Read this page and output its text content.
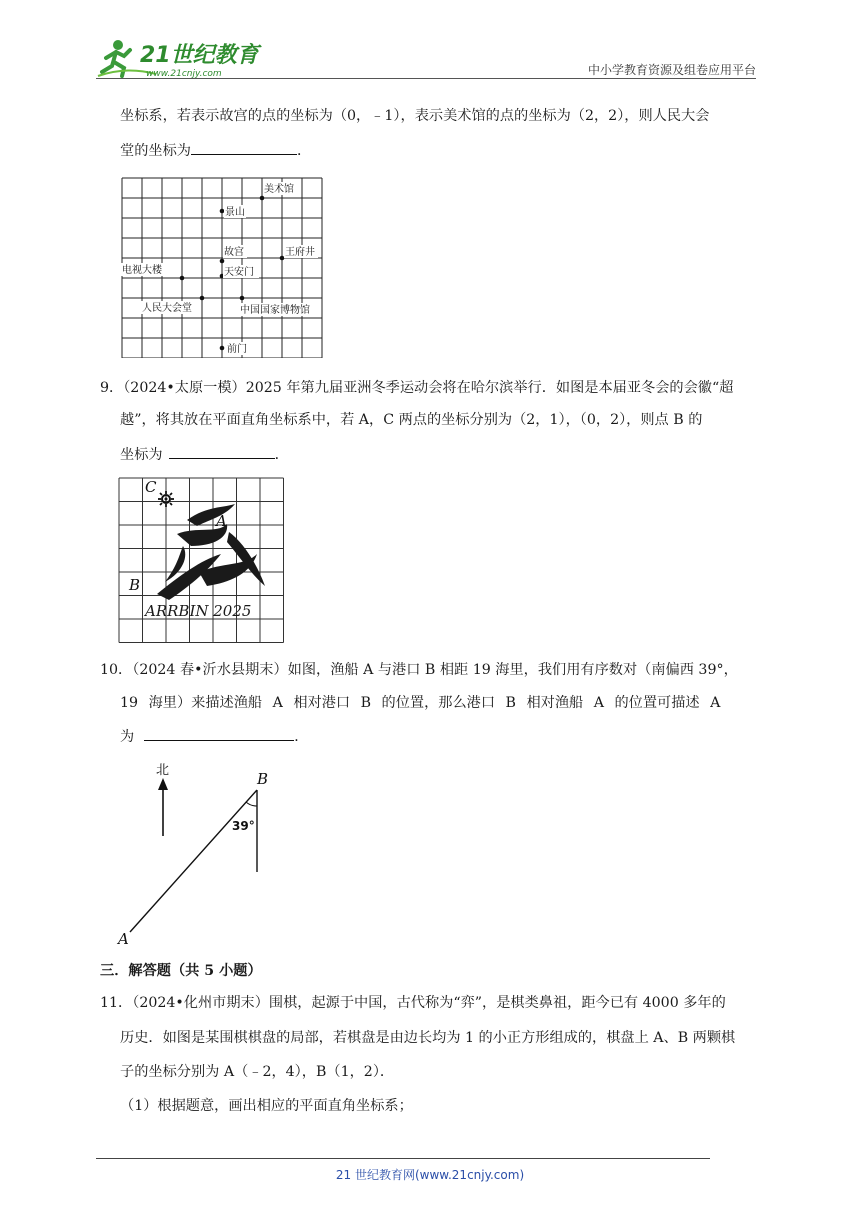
21世纪教育
www.21cnjy.com	中小学教育资源及组卷应用平台
坐标系，若表示故宫的点的坐标为（0，﹣1），表示美术馆的点的坐标为（2，2），则人民大会
堂的坐标为	．
美术馆
景山
故宫	王府井
电视大楼	天安门
人民大会堂	中国国家博物馆
前门
9．（2024•太原一模）2025 年第九届亚洲冬季运动会将在哈尔滨举行．如图是本届亚冬会的会徽“超
越”，将其放在平面直角坐标系中，若 A，C 两点的坐标分别为（2，1），（0，2），则点 B 的
坐标为	．
C
A
B
ARRBIN 2025
10．（2024 春•沂水县期末）如图，渔船 A 与港口 B 相距 19 海里，我们用有序数对（南偏西 39°，
19 海里）来描述渔船 A 相对港口 B 的位置，那么港口 B 相对渔船 A 的位置可描述 A
为	．
北	B
39°
A
三．解答题（共 5 小题）
11．（2024•化州市期末）围棋，起源于中国，古代称为“弈”，是棋类鼻祖，距今已有 4000 多年的
历史．如图是某围棋棋盘的局部，若棋盘是由边长均为 1 的小正方形组成的，棋盘上 A、B 两颗棋
子的坐标分别为 A（﹣2，4），B（1，2）．
（1）根据题意，画出相应的平面直角坐标系；
21 世纪教育网(www.21cnjy.com)
